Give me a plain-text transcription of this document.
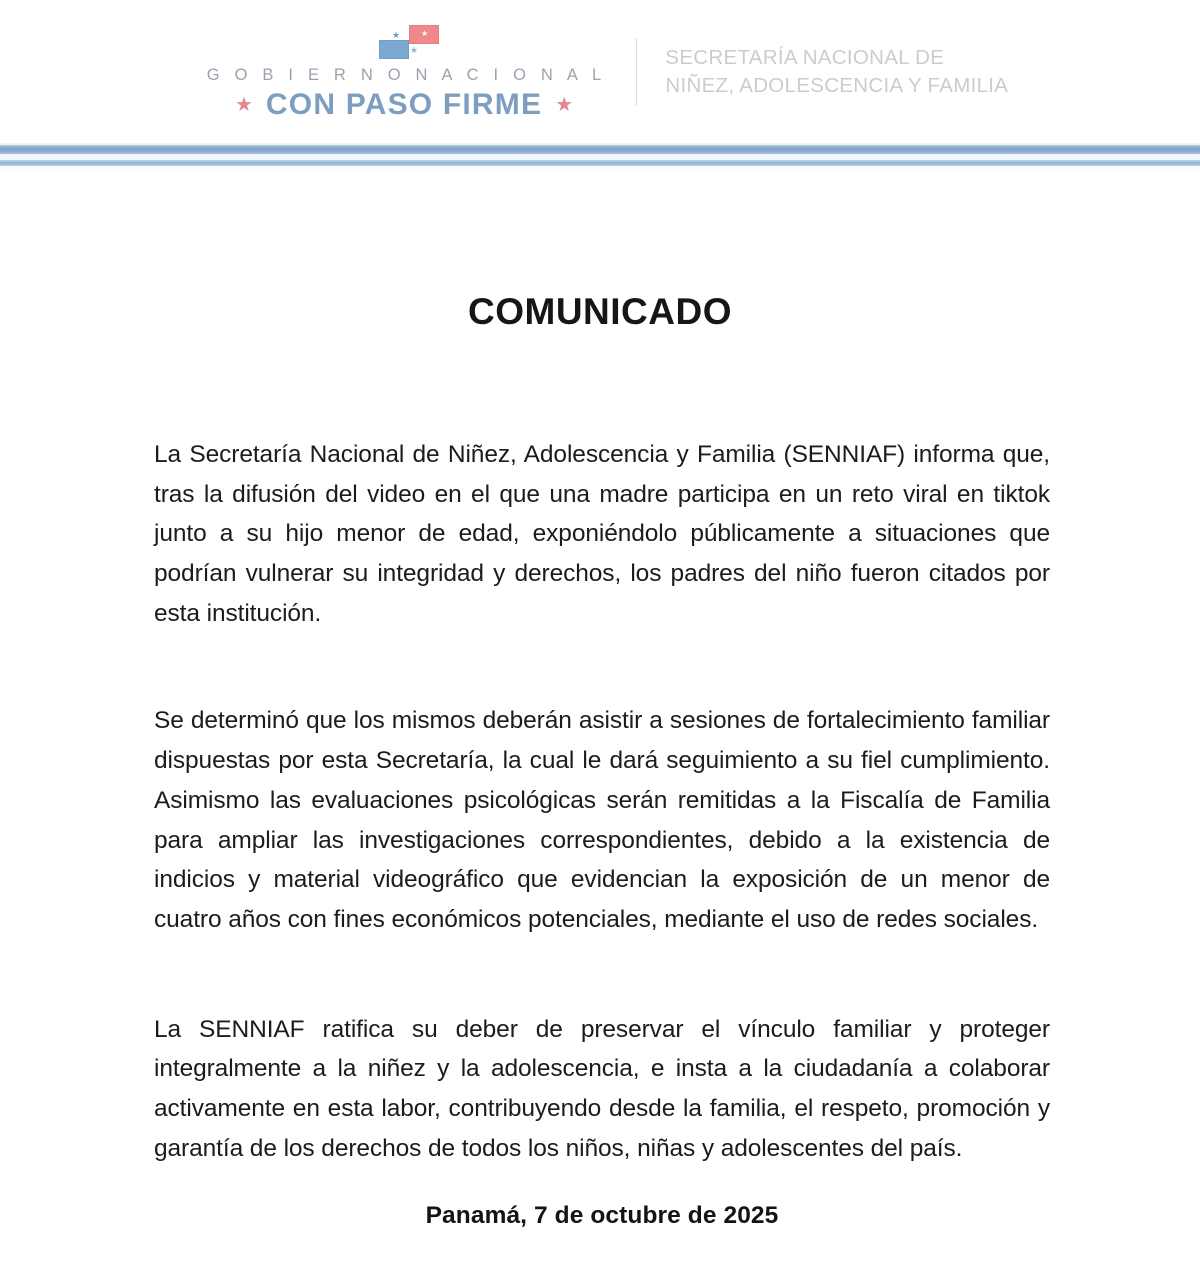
★
★
★
G O B I E R N O N A C I O N A L
★ CON PASO FIRME ★
SECRETARÍA NACIONAL DE
NIÑEZ, ADOLESCENCIA Y FAMILIA
COMUNICADO

La Secretaría Nacional de Niñez, Adolescencia y Familia (SENNIAF) informa que, tras la difusión del video en el que una madre participa en un reto viral en tiktok junto a su hijo menor de edad, exponiéndolo públicamente a situaciones que podrían vulnerar su integridad y derechos, los padres del niño fueron citados por esta institución.

Se determinó que los mismos deberán asistir a sesiones de fortalecimiento familiar dispuestas por esta Secretaría, la cual le dará seguimiento a su fiel cumplimiento. Asimismo las evaluaciones psicológicas serán remitidas a la Fiscalía de Familia para ampliar las investigaciones correspondientes, debido a la existencia de indicios y material videográfico que evidencian la exposición de un menor de cuatro años con fines económicos potenciales, mediante el uso de redes sociales.

La SENNIAF ratifica su deber de preservar el vínculo familiar y proteger integralmente a la niñez y la adolescencia, e insta a la ciudadanía a colaborar activamente en esta labor, contribuyendo desde la familia, el respeto, promoción y garantía de los derechos de todos los niños, niñas y adolescentes del país.

Panamá, 7 de octubre de 2025
